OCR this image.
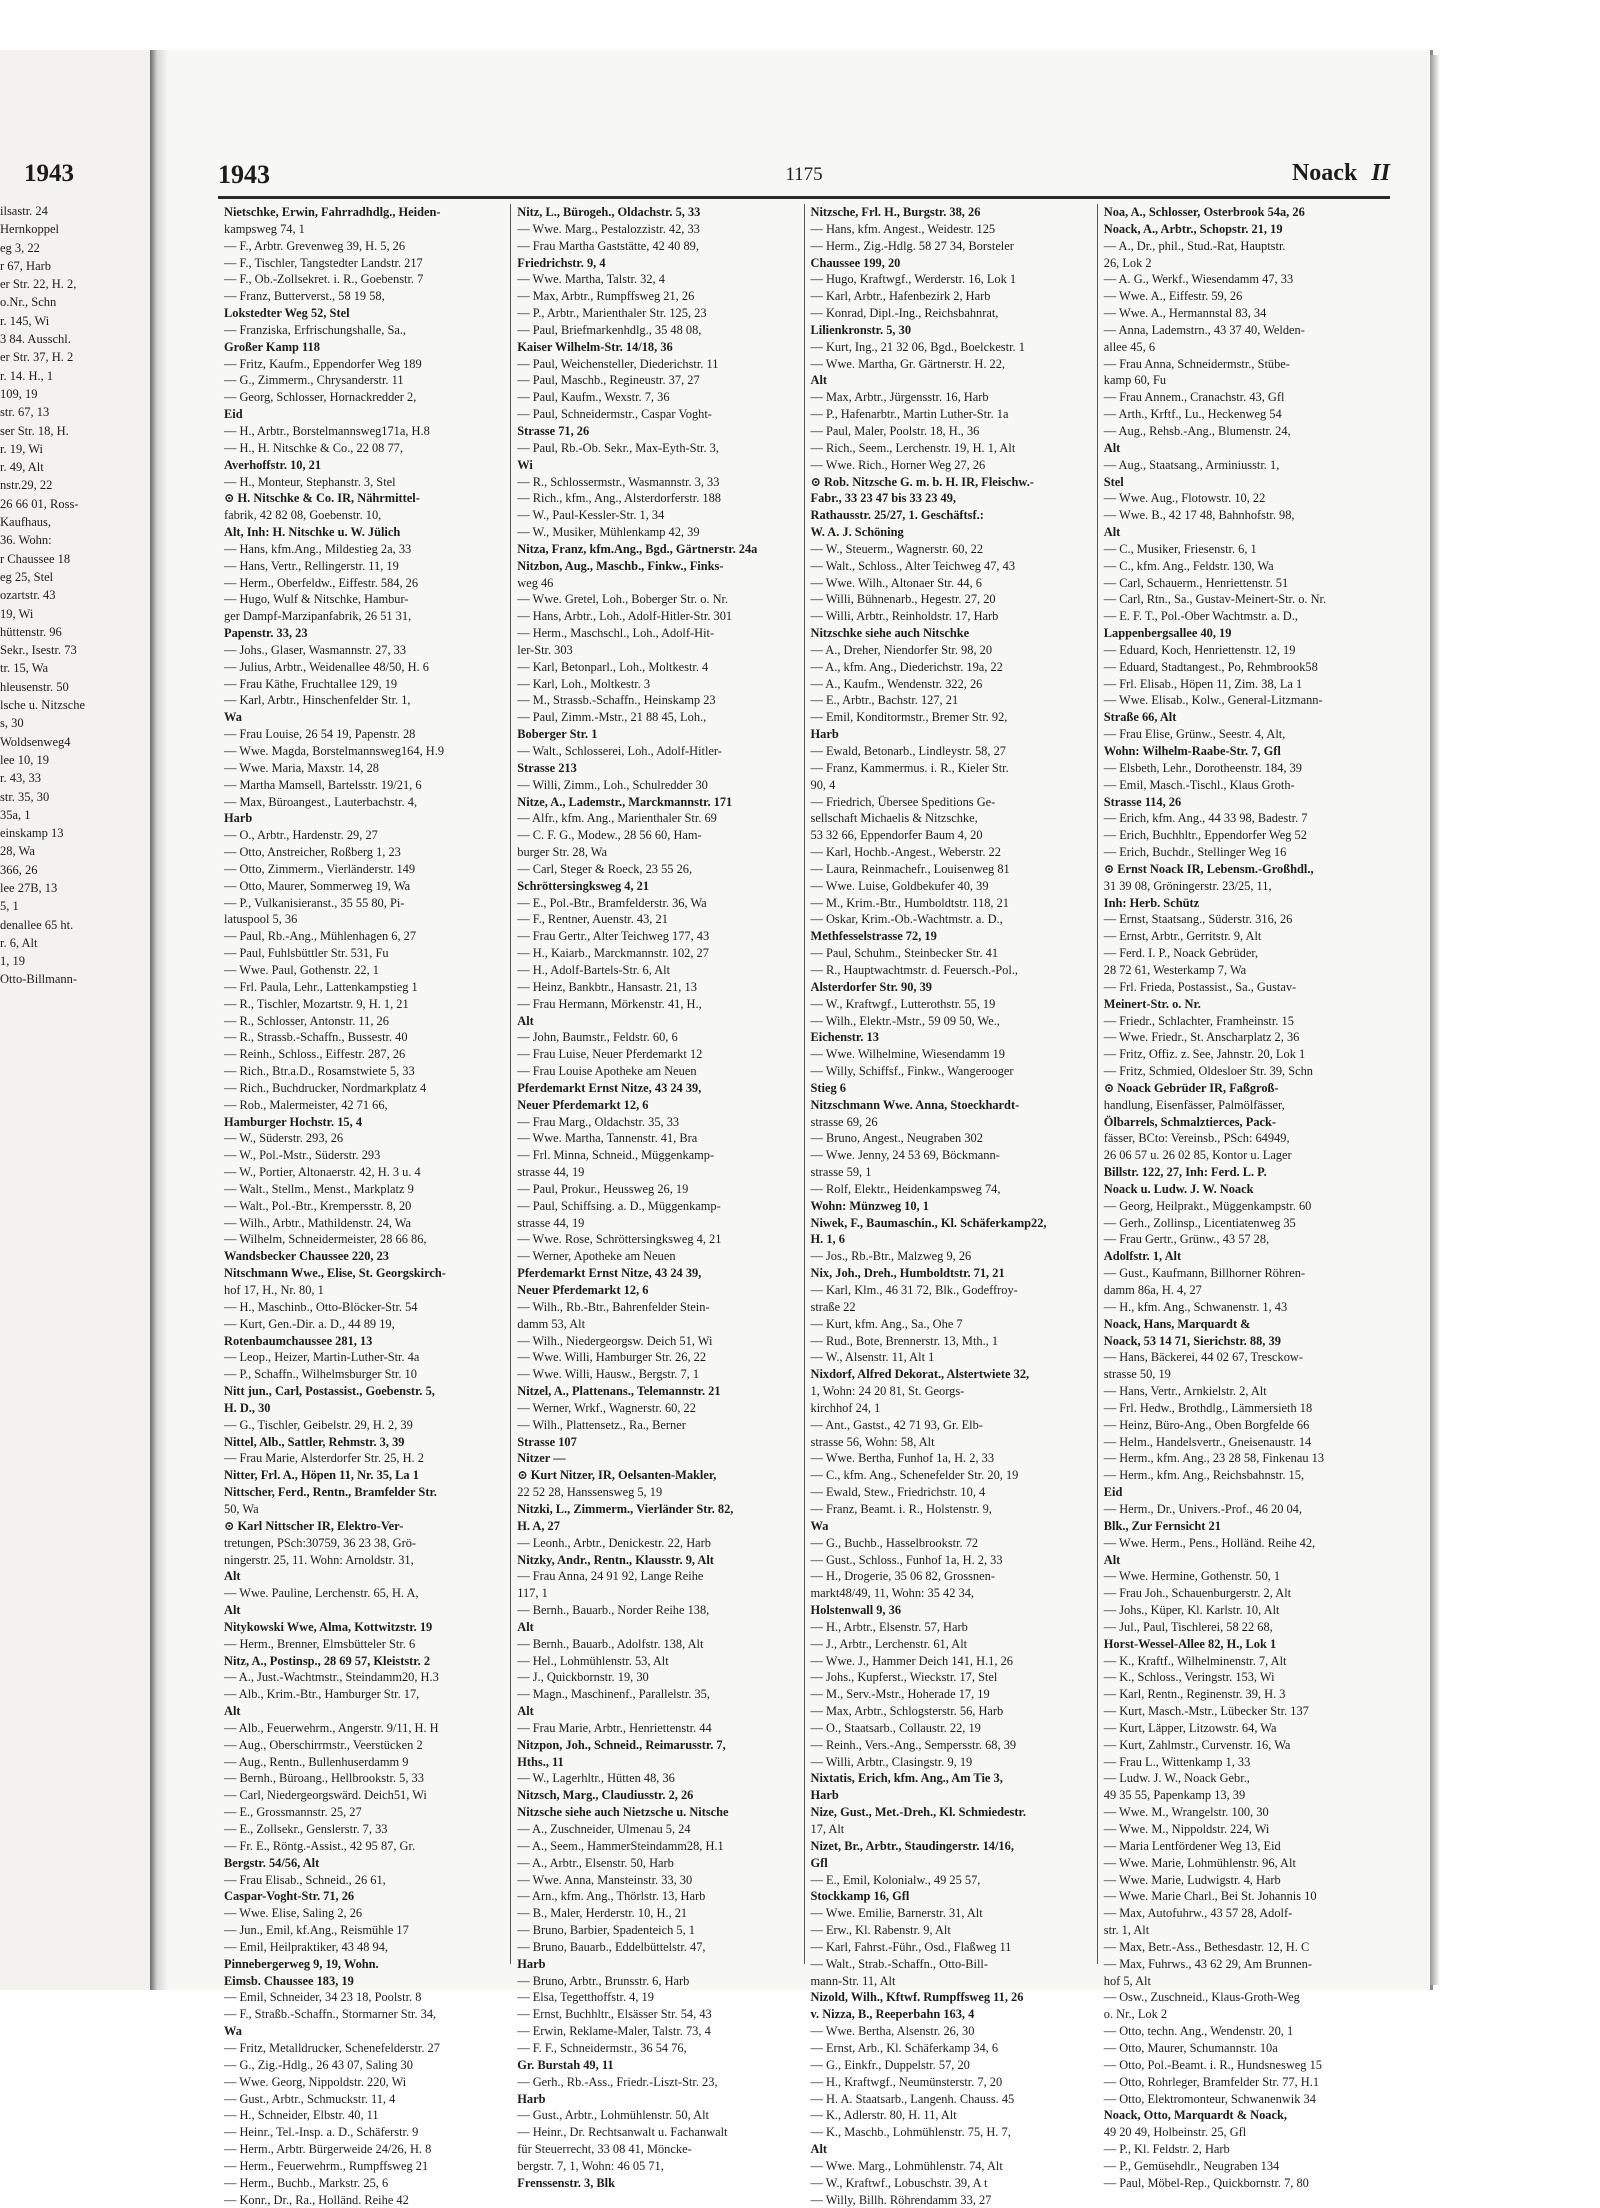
1943
ilsastr. 24
Hernkoppel
eg 3, 22
r 67, Harb
er Str. 22, H. 2,
o.Nr., Schn
r. 145, Wi
3 84. Ausschl.
er Str. 37, H. 2
r. 14. H., 1
109, 19
str. 67, 13
ser Str. 18, H.
r. 19, Wi
r. 49, Alt
nstr.29, 22
26 66 01, Ross-
Kaufhaus,
36. Wohn:
r Chaussee 18
eg 25, Stel
ozartstr. 43
19, Wi
hüttenstr. 96
Sekr., Isestr. 73
tr. 15, Wa
hleusenstr. 50
lsche u. Nitzsche
s, 30
Woldsenweg4
lee 10, 19
r. 43, 33
str. 35, 30
35a, 1
einskamp 13
28, Wa
366, 26
lee 27B, 13
5, 1
denallee 65 ht.
r. 6, Alt
1, 19
Otto-Billmann-
1943	1175	Noack II
Nietschke, Erwin, Fahrradhdlg., Heiden-
kampsweg 74, 1
— F., Arbtr. Grevenweg 39, H. 5, 26
— F., Tischler, Tangstedter Landstr. 217
— F., Ob.-Zollsekret. i. R., Goebenstr. 7
— Franz, Butterverst., 58 19 58,
Lokstedter Weg 52, Stel
— Franziska, Erfrischungshalle, Sa.,
Großer Kamp 118
— Fritz, Kaufm., Eppendorfer Weg 189
— G., Zimmerm., Chrysanderstr. 11
— Georg, Schlosser, Hornackredder 2,
Eid
— H., Arbtr., Borstelmannsweg171a, H.8
— H., H. Nitschke & Co., 22 08 77,
Averhoffstr. 10, 21
— H., Monteur, Stephanstr. 3, Stel
⊙ H. Nitschke & Co. IR, Nährmittel-
fabrik, 42 82 08, Goebenstr. 10,
Alt, Inh: H. Nitschke u. W. Jülich
— Hans, kfm.Ang., Mildestieg 2a, 33
— Hans, Vertr., Rellingerstr. 11, 19
— Herm., Oberfeldw., Eiffestr. 584, 26
— Hugo, Wulf & Nitschke, Hambur-
ger Dampf-Marzipanfabrik, 26 51 31,
Papenstr. 33, 23
— Johs., Glaser, Wasmannstr. 27, 33
— Julius, Arbtr., Weidenallee 48/50, H. 6
— Frau Käthe, Fruchtallee 129, 19
— Karl, Arbtr., Hinschenfelder Str. 1,
Wa
— Frau Louise, 26 54 19, Papenstr. 28
— Wwe. Magda, Borstelmannsweg164, H.9
— Wwe. Maria, Maxstr. 14, 28
— Martha Mamsell, Bartelsstr. 19/21, 6
— Max, Büroangest., Lauterbachstr. 4,
Harb
— O., Arbtr., Hardenstr. 29, 27
— Otto, Anstreicher, Roßberg 1, 23
— Otto, Zimmerm., Vierländerstr. 149
— Otto, Maurer, Sommerweg 19, Wa
— P., Vulkanisieranst., 35 55 80, Pi-
latuspool 5, 36
— Paul, Rb.-Ang., Mühlenhagen 6, 27
— Paul, Fuhlsbüttler Str. 531, Fu
— Wwe. Paul, Gothenstr. 22, 1
— Frl. Paula, Lehr., Lattenkampstieg 1
— R., Tischler, Mozartstr. 9, H. 1, 21
— R., Schlosser, Antonstr. 11, 26
— R., Strassb.-Schaffn., Bussestr. 40
— Reinh., Schloss., Eiffestr. 287, 26
— Rich., Btr.a.D., Rosamstwiete 5, 33
— Rich., Buchdrucker, Nordmarkplatz 4
— Rob., Malermeister, 42 71 66,
Hamburger Hochstr. 15, 4
— W., Süderstr. 293, 26
— W., Pol.-Mstr., Süderstr. 293
— W., Portier, Altonaerstr. 42, H. 3 u. 4
— Walt., Stellm., Menst., Markplatz 9
— Walt., Pol.-Btr., Krempersstr. 8, 20
— Wilh., Arbtr., Mathildenstr. 24, Wa
— Wilhelm, Schneidermeister, 28 66 86,
Wandsbecker Chaussee 220, 23
Nitschmann Wwe., Elise, St. Georgskirch-
hof 17, H., Nr. 80, 1
— H., Maschinb., Otto-Blöcker-Str. 54
— Kurt, Gen.-Dir. a. D., 44 89 19,
Rotenbaumchaussee 281, 13
— Leop., Heizer, Martin-Luther-Str. 4a
— P., Schaffn., Wilhelmsburger Str. 10
Nitt jun., Carl, Postassist., Goebenstr. 5,
H. D., 30
— G., Tischler, Geibelstr. 29, H. 2, 39
Nittel, Alb., Sattler, Rehmstr. 3, 39
— Frau Marie, Alsterdorfer Str. 25, H. 2
Nitter, Frl. A., Höpen 11, Nr. 35, La 1
Nittscher, Ferd., Rentn., Bramfelder Str.
50, Wa
⊙ Karl Nittscher IR, Elektro-Ver-
tretungen, PSch:30759, 36 23 38, Grö-
ningerstr. 25, 11. Wohn: Arnoldstr. 31,
Alt
— Wwe. Pauline, Lerchenstr. 65, H. A,
Alt
Nitykowski Wwe, Alma, Kottwitzstr. 19
— Herm., Brenner, Elmsbütteler Str. 6
Nitz, A., Postinsp., 28 69 57, Kleiststr. 2
— A., Just.-Wachtmstr., Steindamm20, H.3
— Alb., Krim.-Btr., Hamburger Str. 17,
Alt
— Alb., Feuerwehrm., Angerstr. 9/11, H. H
— Aug., Oberschirrmstr., Veerstücken 2
— Aug., Rentn., Bullenhuserdamm 9
— Bernh., Büroang., Hellbrookstr. 5, 33
— Carl, Niedergeorgswärd. Deich51, Wi
— E., Grossmannstr. 25, 27
— E., Zollsekr., Genslerstr. 7, 33
— Fr. E., Röntg.-Assist., 42 95 87, Gr.
Bergstr. 54/56, Alt
— Frau Elisab., Schneid., 26 61,
Caspar-Voght-Str. 71, 26
— Wwe. Elise, Saling 2, 26
— Jun., Emil, kf.Ang., Reismühle 17
— Emil, Heilpraktiker, 43 48 94,
Pinnebergerweg 9, 19, Wohn.
Eimsb. Chaussee 183, 19
— Emil, Schneider, 34 23 18, Poolstr. 8
— F., Straßb.-Schaffn., Stormarner Str. 34,
Wa
— Fritz, Metalldrucker, Schenefelderstr. 27
— G., Zig.-Hdlg., 26 43 07, Saling 30
— Wwe. Georg, Nippoldstr. 220, Wi
— Gust., Arbtr., Schmuckstr. 11, 4
— H., Schneider, Elbstr. 40, 11
— Heinr., Tel.-Insp. a. D., Schäferstr. 9
— Herm., Arbtr. Bürgerweide 24/26, H. 8
— Herm., Feuerwehrm., Rumpffsweg 21
— Herm., Buchb., Markstr. 25, 6
— Konr., Dr., Ra., Holländ. Reihe 42
Nitz, L., Bürogeh., Oldachstr. 5, 33
— Wwe. Marg., Pestalozzistr. 42, 33
— Frau Martha Gaststätte, 42 40 89,
Friedrichstr. 9, 4
— Wwe. Martha, Talstr. 32, 4
— Max, Arbtr., Rumpffsweg 21, 26
— P., Arbtr., Marienthaler Str. 125, 23
— Paul, Briefmarkenhdlg., 35 48 08,
Kaiser Wilhelm-Str. 14/18, 36
— Paul, Weichensteller, Diederichstr. 11
— Paul, Maschb., Regineustr. 37, 27
— Paul, Kaufm., Wexstr. 7, 36
— Paul, Schneidermstr., Caspar Voght-
Strasse 71, 26
— Paul, Rb.-Ob. Sekr., Max-Eyth-Str. 3,
Wi
— R., Schlossermstr., Wasmannstr. 3, 33
— Rich., kfm., Ang., Alsterdorferstr. 188
— W., Paul-Kessler-Str. 1, 34
— W., Musiker, Mühlenkamp 42, 39
Nitza, Franz, kfm.Ang., Bgd., Gärtnerstr. 24a
Nitzbon, Aug., Maschb., Finkw., Finks-
weg 46
— Wwe. Gretel, Loh., Boberger Str. o. Nr.
— Hans, Arbtr., Loh., Adolf-Hitler-Str. 301
— Herm., Maschschl., Loh., Adolf-Hit-
ler-Str. 303
— Karl, Betonparl., Loh., Moltkestr. 4
— Karl, Loh., Moltkestr. 3
— M., Strassb.-Schaffn., Heinskamp 23
— Paul, Zimm.-Mstr., 21 88 45, Loh.,
Boberger Str. 1
— Walt., Schlosserei, Loh., Adolf-Hitler-
Strasse 213
— Willi, Zimm., Loh., Schulredder 30
Nitze, A., Lademstr., Marckmannstr. 171
— Alfr., kfm. Ang., Marienthaler Str. 69
— C. F. G., Modew., 28 56 60, Ham-
burger Str. 28, Wa
— Carl, Steger & Roeck, 23 55 26,
Schröttersingksweg 4, 21
— E., Pol.-Btr., Bramfelderstr. 36, Wa
— F., Rentner, Auenstr. 43, 21
— Frau Gertr., Alter Teichweg 177, 43
— H., Kaiarb., Marckmannstr. 102, 27
— H., Adolf-Bartels-Str. 6, Alt
— Heinz, Bankbtr., Hansastr. 21, 13
— Frau Hermann, Mörkenstr. 41, H.,
Alt
— John, Baumstr., Feldstr. 60, 6
— Frau Luise, Neuer Pferdemarkt 12
— Frau Louise Apotheke am Neuen
Pferdemarkt Ernst Nitze, 43 24 39,
Neuer Pferdemarkt 12, 6
— Frau Marg., Oldachstr. 35, 33
— Wwe. Martha, Tannenstr. 41, Bra
— Frl. Minna, Schneid., Müggenkamp-
strasse 44, 19
— Paul, Prokur., Heussweg 26, 19
— Paul, Schiffsing. a. D., Müggenkamp-
strasse 44, 19
— Wwe. Rose, Schröttersingksweg 4, 21
— Werner, Apotheke am Neuen
Pferdemarkt Ernst Nitze, 43 24 39,
Neuer Pferdemarkt 12, 6
— Wilh., Rb.-Btr., Bahrenfelder Stein-
damm 53, Alt
— Wilh., Niedergeorgsw. Deich 51, Wi
— Wwe. Willi, Hamburger Str. 26, 22
— Wwe. Willi, Hausw., Bergstr. 7, 1
Nitzel, A., Plattenans., Telemannstr. 21
— Werner, Wrkf., Wagnerstr. 60, 22
— Wilh., Plattensetz., Ra., Berner
Strasse 107
Nitzer —
⊙ Kurt Nitzer, IR, Oelsanten-Makler,
22 52 28, Hanssensweg 5, 19
Nitzki, L., Zimmerm., Vierländer Str. 82,
H. A, 27
— Leonh., Arbtr., Denickestr. 22, Harb
Nitzky, Andr., Rentn., Klausstr. 9, Alt
— Frau Anna, 24 91 92, Lange Reihe
117, 1
— Bernh., Bauarb., Norder Reihe 138,
Alt
— Bernh., Bauarb., Adolfstr. 138, Alt
— Hel., Lohmühlenstr. 53, Alt
— J., Quickbornstr. 19, 30
— Magn., Maschinenf., Parallelstr. 35,
Alt
— Frau Marie, Arbtr., Henriettenstr. 44
Nitzpon, Joh., Schneid., Reimarusstr. 7,
Hths., 11
— W., Lagerhltr., Hütten 48, 36
Nitzsch, Marg., Claudiusstr. 2, 26
Nitzsche siehe auch Nietzsche u. Nitsche
— A., Zuschneider, Ulmenau 5, 24
— A., Seem., HammerSteindamm28, H.1
— A., Arbtr., Elsenstr. 50, Harb
— Wwe. Anna, Mansteinstr. 33, 30
— Arn., kfm. Ang., Thörlstr. 13, Harb
— B., Maler, Herderstr. 10, H., 21
— Bruno, Barbier, Spadenteich 5, 1
— Bruno, Bauarb., Eddelbüttelstr. 47,
Harb
— Bruno, Arbtr., Brunsstr. 6, Harb
— Elsa, Tegetthoffstr. 4, 19
— Ernst, Buchhltr., Elsässer Str. 54, 43
— Erwin, Reklame-Maler, Talstr. 73, 4
— F. F., Schneidermstr., 36 54 76,
Gr. Burstah 49, 11
— Gerh., Rb.-Ass., Friedr.-Liszt-Str. 23,
Harb
— Gust., Arbtr., Lohmühlenstr. 50, Alt
— Heinr., Dr. Rechtsanwalt u. Fachanwalt
für Steuerrecht, 33 08 41, Möncke-
bergstr. 7, 1, Wohn: 46 05 71,
Frenssenstr. 3, Blk
Nitzsche, Frl. H., Burgstr. 38, 26
— Hans, kfm. Angest., Weidestr. 125
— Herm., Zig.-Hdlg. 58 27 34, Borsteler
Chaussee 199, 20
— Hugo, Kraftwgf., Werderstr. 16, Lok 1
— Karl, Arbtr., Hafenbezirk 2, Harb
— Konrad, Dipl.-Ing., Reichsbahnrat,
Lilienkronstr. 5, 30
— Kurt, Ing., 21 32 06, Bgd., Boelckestr. 1
— Wwe. Martha, Gr. Gärtnerstr. H. 22,
Alt
— Max, Arbtr., Jürgensstr. 16, Harb
— P., Hafenarbtr., Martin Luther-Str. 1a
— Paul, Maler, Poolstr. 18, H., 36
— Rich., Seem., Lerchenstr. 19, H. 1, Alt
— Wwe. Rich., Horner Weg 27, 26
⊙ Rob. Nitzsche G. m. b. H. IR, Fleischw.-
Fabr., 33 23 47 bis 33 23 49,
Rathausstr. 25/27, 1. Geschäftsf.:
W. A. J. Schöning
— W., Steuerm., Wagnerstr. 60, 22
— Walt., Schloss., Alter Teichweg 47, 43
— Wwe. Wilh., Altonaer Str. 44, 6
— Willi, Bühnenarb., Hegestr. 27, 20
— Willi, Arbtr., Reinholdstr. 17, Harb
Nitzschke siehe auch Nitschke
— A., Dreher, Niendorfer Str. 98, 20
— A., kfm. Ang., Diederichstr. 19a, 22
— A., Kaufm., Wendenstr. 322, 26
— E., Arbtr., Bachstr. 127, 21
— Emil, Konditormstr., Bremer Str. 92,
Harb
— Ewald, Betonarb., Lindleystr. 58, 27
— Franz, Kammermus. i. R., Kieler Str.
90, 4
— Friedrich, Übersee Speditions Ge-
sellschaft Michaelis & Nitzschke,
53 32 66, Eppendorfer Baum 4, 20
— Karl, Hochb.-Angest., Weberstr. 22
— Laura, Reinmachefr., Louisenweg 81
— Wwe. Luise, Goldbekufer 40, 39
— M., Krim.-Btr., Humboldtstr. 118, 21
— Oskar, Krim.-Ob.-Wachtmstr. a. D.,
Methfesselstrasse 72, 19
— Paul, Schuhm., Steinbecker Str. 41
— R., Hauptwachtmstr. d. Feuersch.-Pol.,
Alsterdorfer Str. 90, 39
— W., Kraftwgf., Lutterothstr. 55, 19
— Wilh., Elektr.-Mstr., 59 09 50, We.,
Eichenstr. 13
— Wwe. Wilhelmine, Wiesendamm 19
— Willy, Schiffsf., Finkw., Wangerooger
Stieg 6
Nitzschmann Wwe. Anna, Stoeckhardt-
strasse 69, 26
— Bruno, Angest., Neugraben 302
— Wwe. Jenny, 24 53 69, Böckmann-
strasse 59, 1
— Rolf, Elektr., Heidenkampsweg 74,
Wohn: Münzweg 10, 1
Niwek, F., Baumaschin., Kl. Schäferkamp22,
H. 1, 6
— Jos., Rb.-Btr., Malzweg 9, 26
Nix, Joh., Dreh., Humboldtstr. 71, 21
— Karl, Klm., 46 31 72, Blk., Godeffroy-
straße 22
— Kurt, kfm. Ang., Sa., Ohe 7
— Rud., Bote, Brennerstr. 13, Mth., 1
— W., Alsenstr. 11, Alt 1
Nixdorf, Alfred Dekorat., Alstertwiete 32,
1, Wohn: 24 20 81, St. Georgs-
kirchhof 24, 1
— Ant., Gastst., 42 71 93, Gr. Elb-
strasse 56, Wohn: 58, Alt
— Wwe. Bertha, Funhof 1a, H. 2, 33
— C., kfm. Ang., Schenefelder Str. 20, 19
— Ewald, Stew., Friedrichstr. 10, 4
— Franz, Beamt. i. R., Holstenstr. 9,
Wa
— G., Buchb., Hasselbrookstr. 72
— Gust., Schloss., Funhof 1a, H. 2, 33
— H., Drogerie, 35 06 82, Grossnen-
markt48/49, 11, Wohn: 35 42 34,
Holstenwall 9, 36
— H., Arbtr., Elsenstr. 57, Harb
— J., Arbtr., Lerchenstr. 61, Alt
— Wwe. J., Hammer Deich 141, H.1, 26
— Johs., Kupferst., Wieckstr. 17, Stel
— M., Serv.-Mstr., Hoherade 17, 19
— Max, Arbtr., Schlogsterstr. 56, Harb
— O., Staatsarb., Collaustr. 22, 19
— Reinh., Vers.-Ang., Sempersstr. 68, 39
— Willi, Arbtr., Clasingstr. 9, 19
Nixtatis, Erich, kfm. Ang., Am Tie 3,
Harb
Nize, Gust., Met.-Dreh., Kl. Schmiedestr.
17, Alt
Nizet, Br., Arbtr., Staudingerstr. 14/16,
Gfl
— E., Emil, Kolonialw., 49 25 57,
Stockkamp 16, Gfl
— Wwe. Emilie, Barnerstr. 31, Alt
— Erw., Kl. Rabenstr. 9, Alt
— Karl, Fahrst.-Führ., Osd., Flaßweg 11
— Walt., Strab.-Schaffn., Otto-Bill-
mann-Str. 11, Alt
Nizold, Wilh., Kftwf. Rumpffsweg 11, 26
v. Nizza, B., Reeperbahn 163, 4
— Wwe. Bertha, Alsenstr. 26, 30
— Ernst, Arb., Kl. Schäferkamp 34, 6
— G., Einkfr., Duppelstr. 57, 20
— H., Kraftwgf., Neumünsterstr. 7, 20
— H. A. Staatsarb., Langenh. Chauss. 45
— K., Adlerstr. 80, H. 11, Alt
— K., Maschb., Lohmühlenstr. 75, H. 7,
Alt
— Wwe. Marg., Lohmühlenstr. 74, Alt
— W., Kraftwf., Lobuschstr. 39, A t
— Willy, Billh. Röhrendamm 33, 27
Noa, A., Schlosser, Osterbrook 54a, 26
Noack, A., Arbtr., Schopstr. 21, 19
— A., Dr., phil., Stud.-Rat, Hauptstr.
26, Lok 2
— A. G., Werkf., Wiesendamm 47, 33
— Wwe. A., Eiffestr. 59, 26
— Wwe. A., Hermannstal 83, 34
— Anna, Lademstrn., 43 37 40, Welden-
allee 45, 6
— Frau Anna, Schneidermstr., Stübe-
kamp 60, Fu
— Frau Annem., Cranachstr. 43, Gfl
— Arth., Krftf., Lu., Heckenweg 54
— Aug., Rehsb.-Ang., Blumenstr. 24,
Alt
— Aug., Staatsang., Arminiusstr. 1,
Stel
— Wwe. Aug., Flotowstr. 10, 22
— Wwe. B., 42 17 48, Bahnhofstr. 98,
Alt
— C., Musiker, Friesenstr. 6, 1
— C., kfm. Ang., Feldstr. 130, Wa
— Carl, Schauerm., Henriettenstr. 51
— Carl, Rtn., Sa., Gustav-Meinert-Str. o. Nr.
— E. F. T., Pol.-Ober Wachtmstr. a. D.,
Lappenbergsallee 40, 19
— Eduard, Koch, Henriettenstr. 12, 19
— Eduard, Stadtangest., Po, Rehmbrook58
— Frl. Elisab., Höpen 11, Zim. 38, La 1
— Wwe. Elisab., Kolw., General-Litzmann-
Straße 66, Alt
— Frau Elise, Grünw., Seestr. 4, Alt,
Wohn: Wilhelm-Raabe-Str. 7, Gfl
— Elsbeth, Lehr., Dorotheenstr. 184, 39
— Emil, Masch.-Tischl., Klaus Groth-
Strasse 114, 26
— Erich, kfm. Ang., 44 33 98, Badestr. 7
— Erich, Buchhltr., Eppendorfer Weg 52
— Erich, Buchdr., Stellinger Weg 16
⊙ Ernst Noack IR, Lebensm.-Großhdl.,
31 39 08, Gröningerstr. 23/25, 11,
Inh: Herb. Schütz
— Ernst, Staatsang., Süderstr. 316, 26
— Ernst, Arbtr., Gerritstr. 9, Alt
— Ferd. I. P., Noack Gebrüder,
28 72 61, Westerkamp 7, Wa
— Frl. Frieda, Postassist., Sa., Gustav-
Meinert-Str. o. Nr.
— Friedr., Schlachter, Framheinstr. 15
— Wwe. Friedr., St. Anscharplatz 2, 36
— Fritz, Offiz. z. See, Jahnstr. 20, Lok 1
— Fritz, Schmied, Oldesloer Str. 39, Schn
⊙ Noack Gebrüder IR, Faßgroß-
handlung, Eisenfässer, Palmölfässer,
Ölbarrels, Schmalztierces, Pack-
fässer, BCto: Vereinsb., PSch: 64949,
26 06 57 u. 26 02 85, Kontor u. Lager
Billstr. 122, 27, Inh: Ferd. L. P.
Noack u. Ludw. J. W. Noack
— Georg, Heilprakt., Müggenkampstr. 60
— Gerh., Zollinsp., Licentiatenweg 35
— Frau Gertr., Grünw., 43 57 28,
Adolfstr. 1, Alt
— Gust., Kaufmann, Billhorner Röhren-
damm 86a, H. 4, 27
— H., kfm. Ang., Schwanenstr. 1, 43
Noack, Hans, Marquardt &
Noack, 53 14 71, Sierichstr. 88, 39
— Hans, Bäckerei, 44 02 67, Tresckow-
strasse 50, 19
— Hans, Vertr., Arnkielstr. 2, Alt
— Frl. Hedw., Brothdlg., Lämmersieth 18
— Heinz, Büro-Ang., Oben Borgfelde 66
— Helm., Handelsvertr., Gneisenaustr. 14
— Herm., kfm. Ang., 23 28 58, Finkenau 13
— Herm., kfm. Ang., Reichsbahnstr. 15,
Eid
— Herm., Dr., Univers.-Prof., 46 20 04,
Blk., Zur Fernsicht 21
— Wwe. Herm., Pens., Holländ. Reihe 42,
Alt
— Wwe. Hermine, Gothenstr. 50, 1
— Frau Joh., Schauenburgerstr. 2, Alt
— Johs., Küper, Kl. Karlstr. 10, Alt
— Jul., Paul, Tischlerei, 58 22 68,
Horst-Wessel-Allee 82, H., Lok 1
— K., Kraftf., Wilhelminenstr. 7, Alt
— K., Schloss., Veringstr. 153, Wi
— Karl, Rentn., Reginenstr. 39, H. 3
— Kurt, Masch.-Mstr., Lübecker Str. 137
— Kurt, Läpper, Litzowstr. 64, Wa
— Kurt, Zahlmstr., Curvenstr. 16, Wa
— Frau L., Wittenkamp 1, 33
— Ludw. J. W., Noack Gebr.,
49 35 55, Papenkamp 13, 39
— Wwe. M., Wrangelstr. 100, 30
— Wwe. M., Nippoldstr. 224, Wi
— Maria Lentfördener Weg 13, Eid
— Wwe. Marie, Lohmühlenstr. 96, Alt
— Wwe. Marie, Ludwigstr. 4, Harb
— Wwe. Marie Charl., Bei St. Johannis 10
— Max, Autofuhrw., 43 57 28, Adolf-
str. 1, Alt
— Max, Betr.-Ass., Bethesdastr. 12, H. C
— Max, Fuhrws., 43 62 29, Am Brunnen-
hof 5, Alt
— Osw., Zuschneid., Klaus-Groth-Weg
o. Nr., Lok 2
— Otto, techn. Ang., Wendenstr. 20, 1
— Otto, Maurer, Schumannstr. 10a
— Otto, Pol.-Beamt. i. R., Hundsnesweg 15
— Otto, Rohrleger, Bramfelder Str. 77, H.1
— Otto, Elektromonteur, Schwanenwik 34
Noack, Otto, Marquardt & Noack,
49 20 49, Holbeinstr. 25, Gfl
— P., Kl. Feldstr. 2, Harb
— P., Gemüsehdlr., Neugraben 134
— Paul, Möbel-Rep., Quickbornstr. 7, 80
